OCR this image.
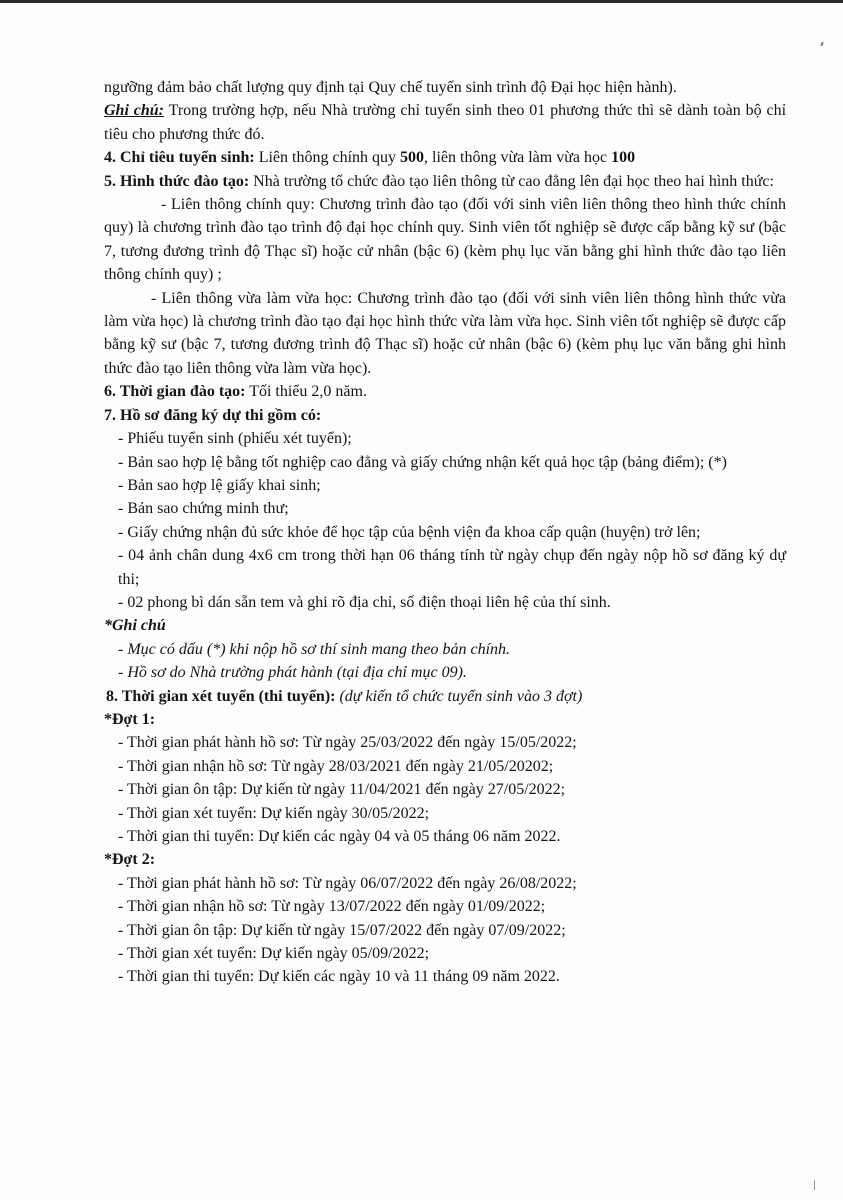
ngưỡng đảm bảo chất lượng quy định tại Quy chế tuyển sinh trình độ Đại học hiện hành).

Ghi chú: Trong trường hợp, nếu Nhà trường chỉ tuyển sinh theo 01 phương thức thì sẽ dành toàn bộ chỉ tiêu cho phương thức đó.

4. Chỉ tiêu tuyển sinh: Liên thông chính quy 500, liên thông vừa làm vừa học 100

5. Hình thức đào tạo: Nhà trường tổ chức đào tạo liên thông từ cao đẳng lên đại học theo hai hình thức:

- Liên thông chính quy: Chương trình đào tạo (đối với sinh viên liên thông theo hình thức chính quy) là chương trình đào tạo trình độ đại học chính quy. Sinh viên tốt nghiệp sẽ được cấp bằng kỹ sư (bậc 7, tương đương trình độ Thạc sĩ) hoặc cử nhân (bậc 6) (kèm phụ lục văn bằng ghi hình thức đào tạo liên thông chính quy) ;

- Liên thông vừa làm vừa học: Chương trình đào tạo (đối với sinh viên liên thông hình thức vừa làm vừa học) là chương trình đào tạo đại học hình thức vừa làm vừa học. Sinh viên tốt nghiệp sẽ được cấp bằng kỹ sư (bậc 7, tương đương trình độ Thạc sĩ) hoặc cử nhân (bậc 6) (kèm phụ lục văn bằng ghi hình thức đào tạo liên thông vừa làm vừa học).

6. Thời gian đào tạo: Tối thiểu 2,0 năm.

7. Hồ sơ đăng ký dự thi gồm có:

- Phiếu tuyển sinh (phiếu xét tuyển);

- Bản sao hợp lệ bằng tốt nghiệp cao đẳng và giấy chứng nhận kết quả học tập (bảng điểm); (*)

- Bản sao hợp lệ giấy khai sinh;

- Bản sao chứng minh thư;

- Giấy chứng nhận đủ sức khỏe để học tập của bệnh viện đa khoa cấp quận (huyện) trở lên;

- 04 ảnh chân dung 4x6 cm trong thời hạn 06 tháng tính từ ngày chụp đến ngày nộp hồ sơ đăng ký dự thi;

- 02 phong bì dán sẵn tem và ghi rõ địa chỉ, số điện thoại liên hệ của thí sinh.

*Ghi chú

- Mục có dấu (*) khi nộp hồ sơ thí sinh mang theo bản chính.

- Hồ sơ do Nhà trường phát hành (tại địa chỉ mục 09).

8. Thời gian xét tuyển (thi tuyển): (dự kiến tổ chức tuyển sinh vào 3 đợt)

*Đợt 1:

- Thời gian phát hành hồ sơ: Từ ngày 25/03/2022 đến ngày 15/05/2022;

- Thời gian nhận hồ sơ: Từ ngày 28/03/2021 đến ngày 21/05/20202;

- Thời gian ôn tập: Dự kiến từ ngày 11/04/2021 đến ngày 27/05/2022;

- Thời gian xét tuyển: Dự kiến ngày 30/05/2022;

- Thời gian thi tuyển: Dự kiến các ngày 04 và 05 tháng 06 năm 2022.

*Đợt 2:

- Thời gian phát hành hồ sơ: Từ ngày 06/07/2022 đến ngày 26/08/2022;

- Thời gian nhận hồ sơ: Từ ngày 13/07/2022 đến ngày 01/09/2022;

- Thời gian ôn tập: Dự kiến từ ngày 15/07/2022 đến ngày 07/09/2022;

- Thời gian xét tuyển: Dự kiến ngày 05/09/2022;

- Thời gian thi tuyển: Dự kiến các ngày 10 và 11 tháng 09 năm 2022.
